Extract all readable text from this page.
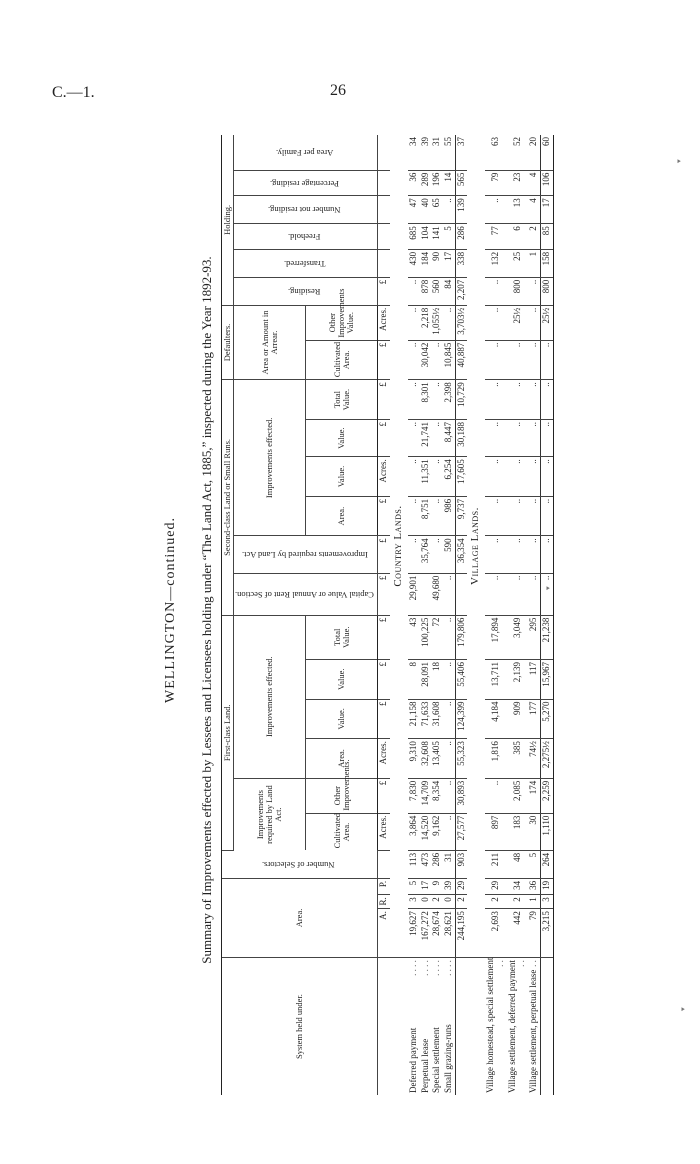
C.—1.	26
WELLINGTON—continued. Summary of Improvements effected by Lessees and Licensees holding under “The Land Act, 1885,” inspected during the Year 1892-93.
System held under.	Area.			Number of Selectors.	First-class Land.						Second-class Land or Small Runs.						Defaulters.		Holding.					
					Improvements required by Land Act.		Improvements effected.				Capital Value or Annual Rent of Section.	Improvements required by Land Act.	Improvements effected.				Area or Amount in Arrear.		Residing.	Transferred.	Freehold.	Number not residing.	Percentage residing.	Area per Family.
					Cultivated Area.	Other Improvements.	Area.	Value.	Value.	Total Value.			Area.	Value.	Value.	Total Value.	Cultivated Area.	Other Improvements Value.						
	A.	R.	P.		Acres.	£	Acres.	£	£	£	£	£	£	Acres.	£	£	£	Acres.	£					
	Country Lands.																							
Deferred payment
. . . .	19,627	3	5	113	3,864	7,830	9,310	21,158	8	43	29,901	..	..	..	..	..	..	..	..	430	685	47	36	34
Perpetual lease
. . . .	167,272	0	17	473	14,520	14,709	32,608	71,633	28,091	100,225		35,764	8,751	11,351	21,741	8,301	30,042	2,218	878	184	104	40	289	39
Special settlement
. . . .	28,674	2	9	286	9,162	8,354	13,405	31,608	18	72	49,680	..	..	..	..	..	..	1,055½	560	90	141	65	196	31
Small grazing-runs
. . . .	28,621	0	39	31	..	..	..	..	..	..	..	590	986	6,254	8,447	2,398	10,845	..	84	17	5	..	14	55
	244,195	2	29	903	27,577	30,893	55,323	124,399	55,406	179,806		36,354	9,737	17,605	30,188	10,729	40,887	3,703½	2,207	338	286	139	565	37
	Village Lands.																							
Village homestead, special settlement . .	2,693	2	29	211	897	..	1,816	4,184	13,711	17,894	..	..	..	..	..	..	..	..	..	132	77	..	79	63
Village settlement, deferred payment . .	442	2	34	48	183	2,085	385	909	2,139	3,049	..	..	..	..	..	..	..	25½	800	25	6	13	23	52
Village settlement, perpetual lease
. .	79	1	36	5	30	174	74½	177	117	295	..	..	..	..	..	..	..	..	..	1	2	4	4	20
	3,215	3	19	264	1,110	2,259	2,275½	5,270	15,967	21,238	..	..	..	..	..	..	..	25½	800	158	85	17	106	60
‣
‣
‣
